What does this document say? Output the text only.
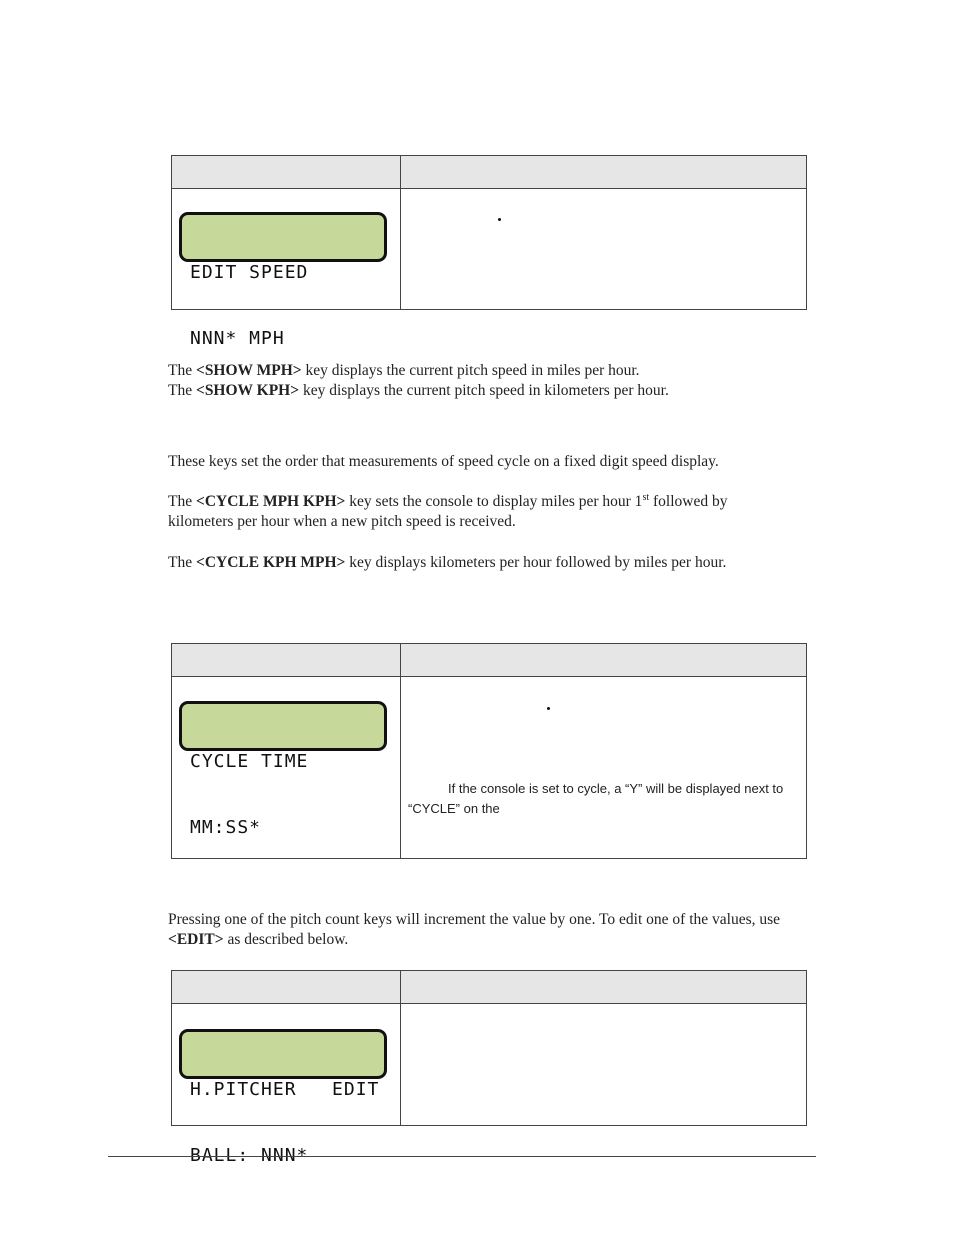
EDIT SPEED

NNN* MPH

The <SHOW MPH> key displays the current pitch speed in miles per hour.

The <SHOW KPH> key displays the current pitch speed in kilometers per hour.

These keys set the order that measurements of speed cycle on a fixed digit speed display.

The <CYCLE MPH KPH> key sets the console to display miles per hour 1st followed by kilometers per hour when a new pitch speed is received.

The <CYCLE KPH MPH> key displays kilometers per hour followed by miles per hour.

CYCLE TIME

MM:SS*

If the console is set to cycle, a “Y” will be displayed next to “CYCLE” on the

Pressing one of the pitch count keys will increment the value by one. To edit one of the values, use <EDIT> as described below.

H.PITCHER   EDIT

BALL: NNN*
